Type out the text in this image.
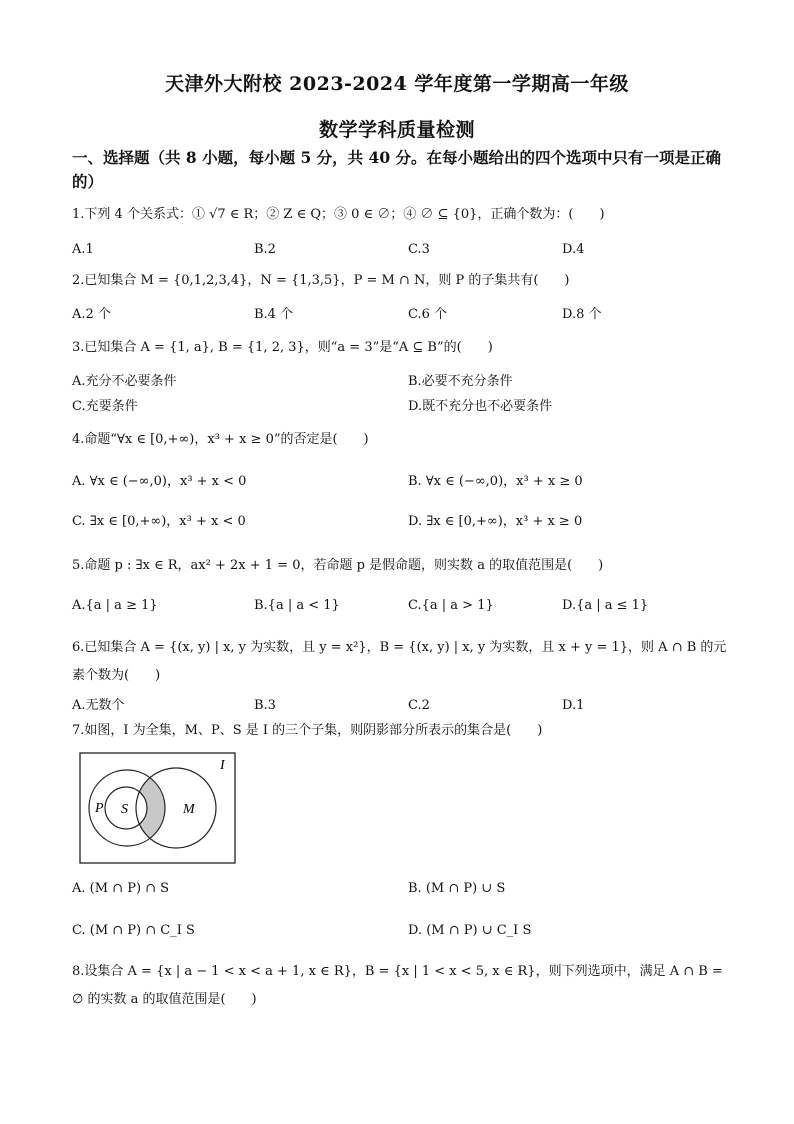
天津外大附校 2023-2024 学年度第一学期高一年级
数学学科质量检测
一、选择题（共 8 小题，每小题 5 分，共 40 分。在每小题给出的四个选项中只有一项是正确的）
1.下列 4 个关系式：① √7 ∈ R；② Z ∈ Q；③ 0 ∈ ∅；④ ∅ ⊆ {0}，正确个数为：(　　)
A.1	B.2	C.3	D.4
2.已知集合 M = {0,1,2,3,4}，N = {1,3,5}，P = M ∩ N，则 P 的子集共有(　　)
A.2 个	B.4 个	C.6 个	D.8 个
3.已知集合 A = {1, a}, B = {1, 2, 3}，则“a = 3”是“A ⊆ B”的(　　)
A.充分不必要条件	B.必要不充分条件
C.充要条件	D.既不充分也不必要条件
4.命题“∀x ∈ [0,+∞)，x³ + x ≥ 0”的否定是(　　)
A. ∀x ∈ (−∞,0)，x³ + x < 0	B. ∀x ∈ (−∞,0)，x³ + x ≥ 0
C. ∃x ∈ [0,+∞)，x³ + x < 0	D. ∃x ∈ [0,+∞)，x³ + x ≥ 0
5.命题 p : ∃x ∈ R，ax² + 2x + 1 = 0，若命题 p 是假命题，则实数 a 的取值范围是(　　)
A.{a | a ≥ 1}	B.{a | a < 1}	C.{a | a > 1}	D.{a | a ≤ 1}
6.已知集合 A = {(x, y) | x, y 为实数，且 y = x²}，B = {(x, y) | x, y 为实数，且 x + y = 1}，则 A ∩ B 的元素个数为(　　)
A.无数个	B.3	C.2	D.1
7.如图，I 为全集，M、P、S 是 I 的三个子集，则阴影部分所表示的集合是(　　)
I
P S	M
A. (M ∩ P) ∩ S	B. (M ∩ P) ∪ S
C. (M ∩ P) ∩ C_I S	D. (M ∩ P) ∪ C_I S
8.设集合 A = {x | a − 1 < x < a + 1, x ∈ R}，B = {x | 1 < x < 5, x ∈ R}，则下列选项中，满足 A ∩ B = ∅ 的实数 a 的取值范围是(　　)
